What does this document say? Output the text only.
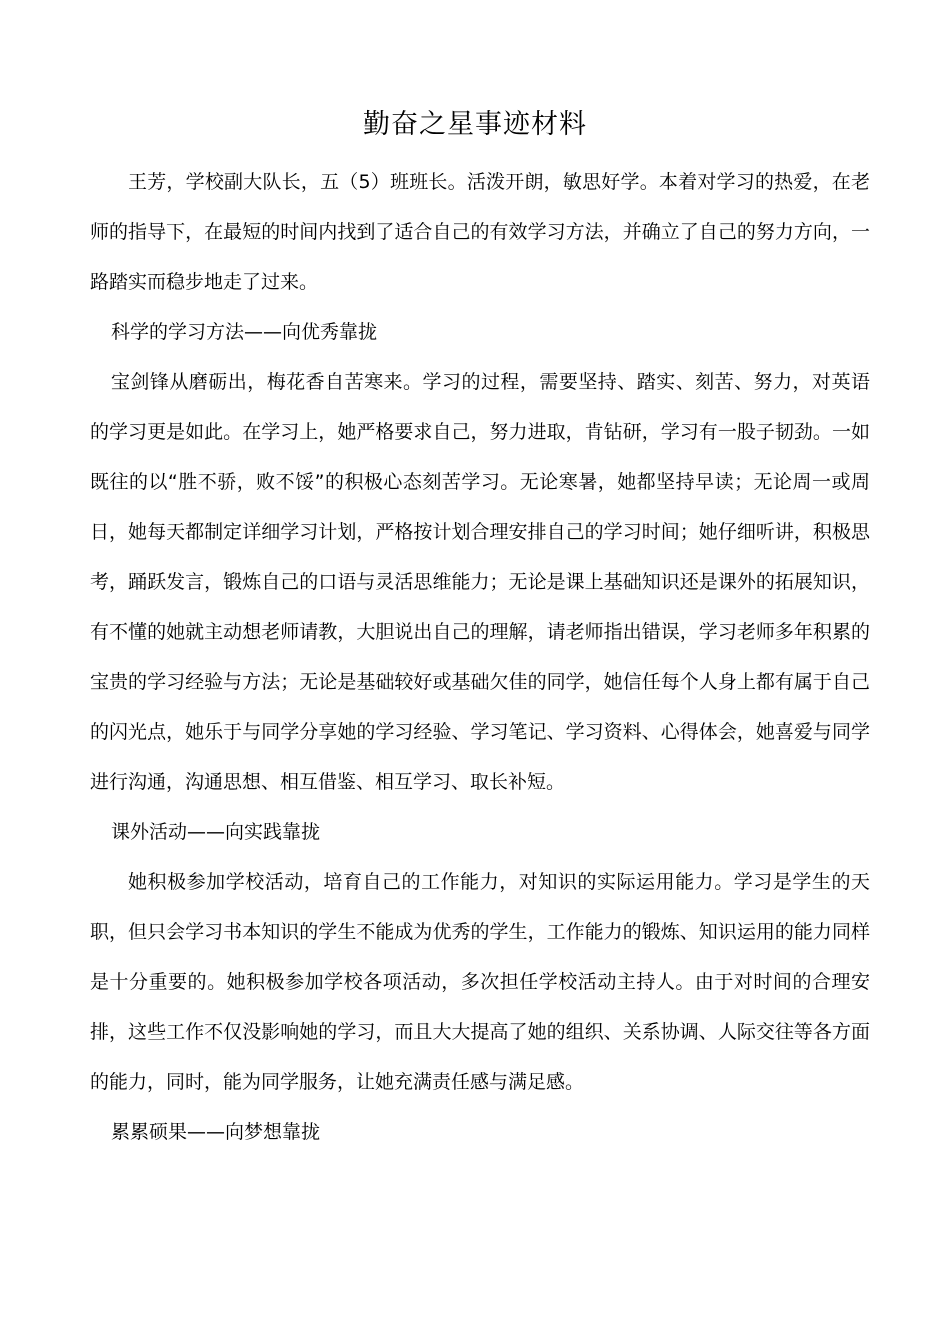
勤奋之星事迹材料

王芳，学校副大队长，五（5）班班长。活泼开朗，敏思好学。本着对学习的热爱，在老师的指导下，在最短的时间内找到了适合自己的有效学习方法，并确立了自己的努力方向，一路踏实而稳步地走了过来。

科学的学习方法——向优秀靠拢

宝剑锋从磨砺出，梅花香自苦寒来。学习的过程，需要坚持、踏实、刻苦、努力，对英语的学习更是如此。在学习上，她严格要求自己，努力进取，肯钻研，学习有一股子韧劲。一如既往的以“胜不骄，败不馁”的积极心态刻苦学习。无论寒暑，她都坚持早读；无论周一或周日，她每天都制定详细学习计划，严格按计划合理安排自己的学习时间；她仔细听讲，积极思考，踊跃发言，锻炼自己的口语与灵活思维能力；无论是课上基础知识还是课外的拓展知识，有不懂的她就主动想老师请教，大胆说出自己的理解，请老师指出错误，学习老师多年积累的宝贵的学习经验与方法；无论是基础较好或基础欠佳的同学，她信任每个人身上都有属于自己的闪光点，她乐于与同学分享她的学习经验、学习笔记、学习资料、心得体会，她喜爱与同学进行沟通，沟通思想、相互借鉴、相互学习、取长补短。

课外活动——向实践靠拢

她积极参加学校活动，培育自己的工作能力，对知识的实际运用能力。学习是学生的天职，但只会学习书本知识的学生不能成为优秀的学生，工作能力的锻炼、知识运用的能力同样是十分重要的。她积极参加学校各项活动，多次担任学校活动主持人。由于对时间的合理安排，这些工作不仅没影响她的学习，而且大大提高了她的组织、关系协调、人际交往等各方面的能力，同时，能为同学服务，让她充满责任感与满足感。

累累硕果——向梦想靠拢
